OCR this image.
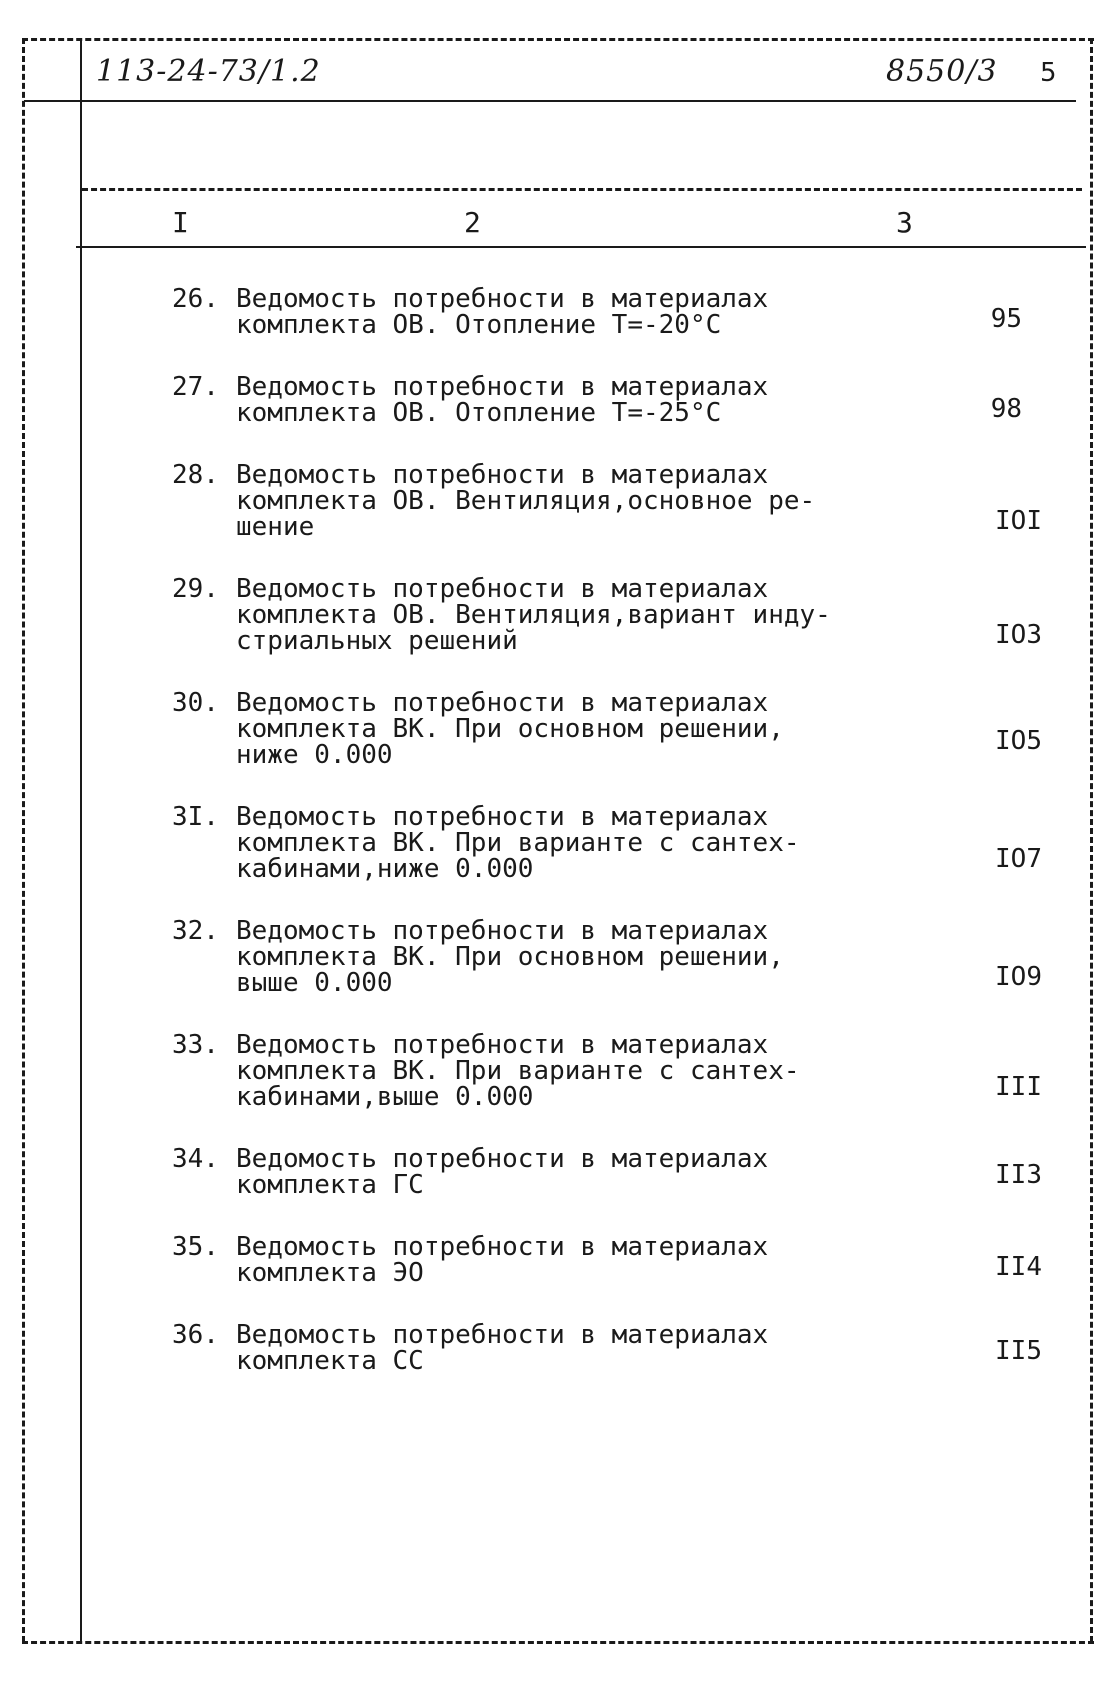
113-24-73/1.2	8550/3 5
I	2	3
26. Ведомость потребности в материалах
комплекта ОВ. Отопление Т=-20°С	95
27. Ведомость потребности в материалах
комплекта ОВ. Отопление Т=-25°С	98
28. Ведомость потребности в материалах
комплекта ОВ. Вентиляция,основное ре-
шение	IOI
29. Ведомость потребности в материалах
комплекта ОВ. Вентиляция,вариант инду-
стриальных решений	IO3
30. Ведомость потребности в материалах
комплекта ВК. При основном решении,
ниже 0.000	IO5
3I. Ведомость потребности в материалах
комплекта ВК. При варианте с сантех-
кабинами,ниже 0.000	IO7
32. Ведомость потребности в материалах
комплекта ВК. При основном решении,
выше 0.000	IO9
33. Ведомость потребности в материалах
комплекта ВК. При варианте с сантех-
кабинами,выше 0.000	III
34. Ведомость потребности в материалах
комплекта ГС	II3
35. Ведомость потребности в материалах
комплекта ЭО	II4
36. Ведомость потребности в материалах
комплекта СС	II5
